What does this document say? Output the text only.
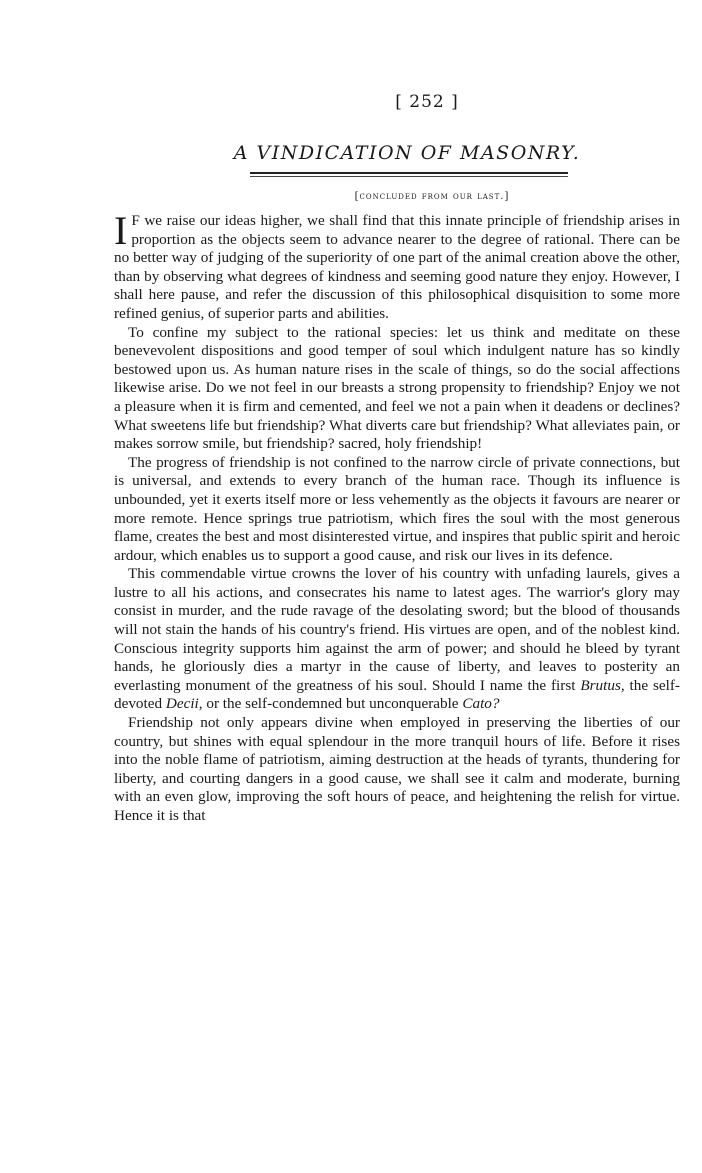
[ 252 ]
A VINDICATION OF MASONRY.
[concluded from our last.]

I F we raise our ideas higher, we shall find that this innate principle of friendship arises in proportion as the objects seem to advance nearer to the degree of rational. There can be no better way of judging of the superiority of one part of the animal creation above the other, than by observing what degrees of kindness and seeming good nature they enjoy. However, I shall here pause, and refer the discussion of this philosophical disquisition to some more refined genius, of superior parts and abilities.

To confine my subject to the rational species: let us think and meditate on these benevevolent dispositions and good temper of soul which indulgent nature has so kindly bestowed upon us. As human nature rises in the scale of things, so do the social affections likewise arise. Do we not feel in our breasts a strong propensity to friendship? Enjoy we not a pleasure when it is firm and cemented, and feel we not a pain when it deadens or declines? What sweetens life but friendship? What diverts care but friendship? What alleviates pain, or makes sorrow smile, but friendship? sacred, holy friendship!

The progress of friendship is not confined to the narrow circle of private connections, but is universal, and extends to every branch of the human race. Though its influence is unbounded, yet it exerts itself more or less vehemently as the objects it favours are nearer or more remote. Hence springs true patriotism, which fires the soul with the most generous flame, creates the best and most disinterested virtue, and inspires that public spirit and heroic ardour, which enables us to support a good cause, and risk our lives in its defence.

This commendable virtue crowns the lover of his country with unfading laurels, gives a lustre to all his actions, and consecrates his name to latest ages. The warrior's glory may consist in murder, and the rude ravage of the desolating sword; but the blood of thousands will not stain the hands of his country's friend. His virtues are open, and of the noblest kind. Conscious integrity supports him against the arm of power; and should he bleed by tyrant hands, he gloriously dies a martyr in the cause of liberty, and leaves to posterity an everlasting monument of the greatness of his soul. Should I name the first Brutus, the self-devoted Decii, or the self-condemned but unconquerable Cato?

Friendship not only appears divine when employed in preserving the liberties of our country, but shines with equal splendour in the more tranquil hours of life. Before it rises into the noble flame of patriotism, aiming destruction at the heads of tyrants, thundering for liberty, and courting dangers in a good cause, we shall see it calm and moderate, burning with an even glow, improving the soft hours of peace, and heightening the relish for virtue. Hence it is that
